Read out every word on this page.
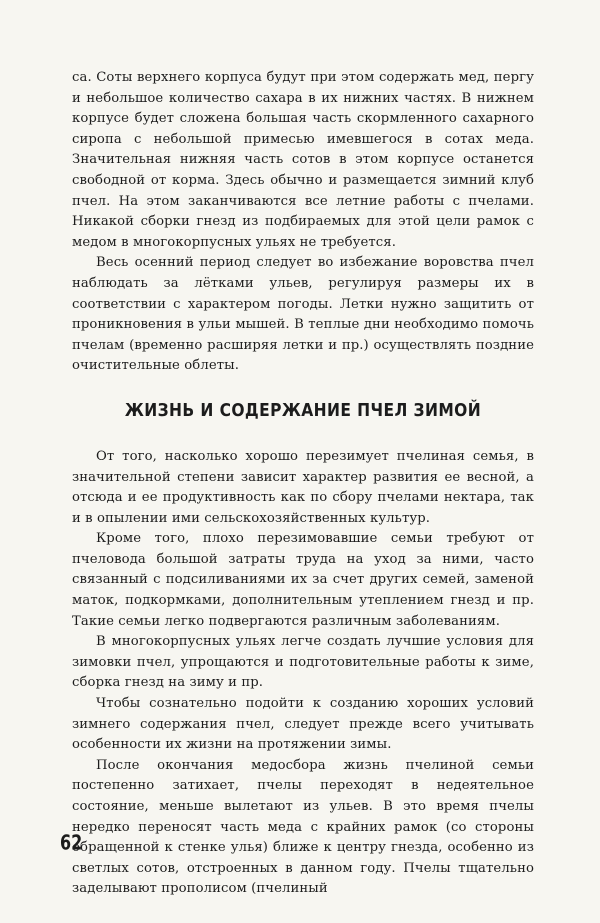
са. Соты верхнего корпуса будут при этом содержать мед, пергу и небольшое количество сахара в их нижних частях. В нижнем корпусе будет сложена большая часть скормленного сахарного сиропа с небольшой примесью имевшегося в сотах меда. Значительная нижняя часть сотов в этом корпусе останется свободной от корма. Здесь обычно и размещается зимний клуб пчел. На этом заканчиваются все летние работы с пчелами. Никакой сборки гнезд из подбираемых для этой цели рамок с медом в многокорпусных ульях не требуется.

Весь осенний период следует во избежание воровства пчел наблюдать за лётками ульев, регулируя размеры их в соответствии с характером погоды. Летки нужно защитить от проникновения в ульи мышей. В теплые дни необходимо помочь пчелам (временно расширяя летки и пр.) осуществлять поздние очистительные облеты.

ЖИЗНЬ И СОДЕРЖАНИЕ ПЧЕЛ ЗИМОЙ

От того, насколько хорошо перезимует пчелиная семья, в значительной степени зависит характер развития ее весной, а отсюда и ее продуктивность как по сбору пчелами нектара, так и в опылении ими сельскохозяйственных культур.

Кроме того, плохо перезимовавшие семьи требуют от пчеловода большой затраты труда на уход за ними, часто связанный с подсиливаниями их за счет других семей, заменой маток, подкормками, дополнительным утеплением гнезд и пр. Такие семьи легко подвергаются различным заболеваниям.

В многокорпусных ульях легче создать лучшие условия для зимовки пчел, упрощаются и подготовительные работы к зиме, сборка гнезд на зиму и пр.

Чтобы сознательно подойти к созданию хороших условий зимнего содержания пчел, следует прежде всего учитывать особенности их жизни на протяжении зимы.

После окончания медосбора жизнь пчелиной семьи постепенно затихает, пчелы переходят в недеятельное состояние, меньше вылетают из ульев. В это время пчелы нередко переносят часть меда с крайних рамок (со стороны обращенной к стенке улья) ближе к центру гнезда, особенно из светлых сотов, отстроенных в данном году. Пчелы тщательно заделывают прополисом (пчелиный

62
